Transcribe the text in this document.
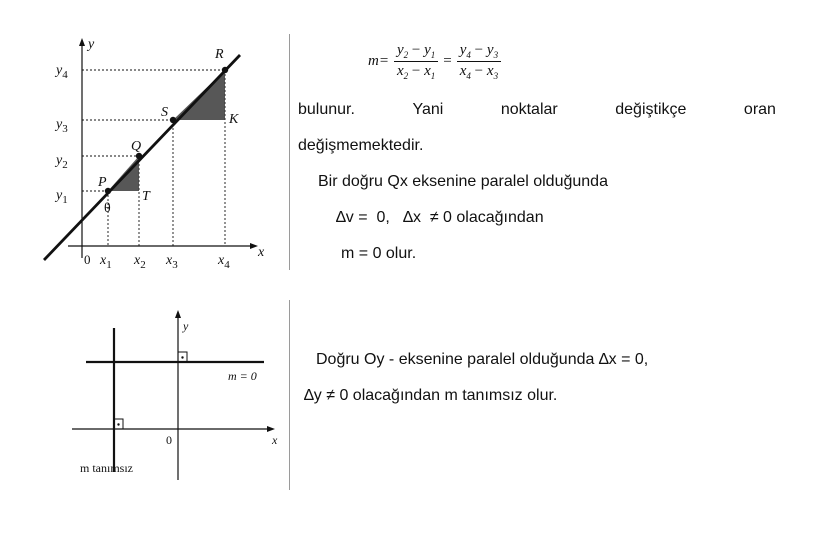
y
x
P
Q
S
R
T
K
θ
0
$y_1$
$y_2$
$y_3$
$y_4$
$x_1$ $x_2$ $x_3$	$x_4$
$m= \frac{y_2 - y_1}{x_2 - x_1} = \frac{y_4 - y_3}{x_4 - x_3}$
bulunur.	Yani	noktalar	değiştikçe	oran
değişmemektedir.
Bir doğru Qx eksenine paralel olduğunda
∆v =  0,   ∆x  ≠ 0 olacağından
m = 0 olur.
y
x
0
m = 0
m tanımsız
Doğru Oy - eksenine paralel olduğunda ∆x = 0,
∆y ≠ 0 olacağından m tanımsız olur.
